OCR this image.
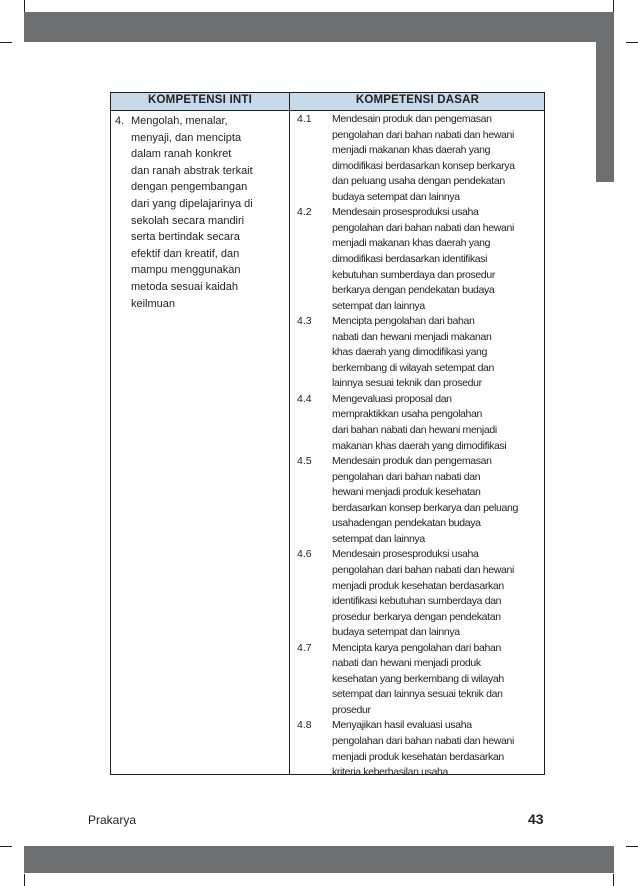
KOMPETENSI INTI	KOMPETENSI DASAR
4. Mengolah, menalar,
menyaji, dan mencipta
dalam ranah konkret
dan ranah abstrak terkait
dengan pengembangan
dari yang dipelajarinya di
sekolah secara mandiri
serta bertindak secara
efektif dan kreatif, dan
mampu menggunakan
metoda sesuai kaidah
keilmuan
4.1 Mendesain produk dan pengemasan
pengolahan dari bahan nabati dan hewani
menjadi makanan khas daerah yang
dimodifikasi berdasarkan konsep berkarya
dan peluang usaha dengan pendekatan
budaya setempat dan lainnya
4.2 Mendesain prosesproduksi usaha
pengolahan dari bahan nabati dan hewani
menjadi makanan khas daerah yang
dimodifikasi berdasarkan identifikasi
kebutuhan sumberdaya dan prosedur
berkarya dengan pendekatan budaya
setempat dan lainnya
4.3 Mencipta pengolahan dari bahan
nabati dan hewani menjadi makanan
khas daerah yang dimodifikasi yang
berkembang di wilayah setempat dan
lainnya sesuai teknik dan prosedur
4.4 Mengevaluasi proposal dan
mempraktikkan usaha pengolahan
dari bahan nabati dan hewani menjadi
makanan khas daerah yang dimodifikasi
4.5 Mendesain produk dan pengemasan
pengolahan dari bahan nabati dan
hewani menjadi produk kesehatan
berdasarkan konsep berkarya dan peluang
usahadengan pendekatan budaya
setempat dan lainnya
4.6 Mendesain prosesproduksi usaha
pengolahan dari bahan nabati dan hewani
menjadi produk kesehatan berdasarkan
identifikasi kebutuhan sumberdaya dan
prosedur berkarya dengan pendekatan
budaya setempat dan lainnya
4.7 Mencipta karya pengolahan dari bahan
nabati dan hewani menjadi produk
kesehatan yang berkembang di wilayah
setempat dan lainnya sesuai teknik dan
prosedur
4.8 Menyajikan hasil evaluasi usaha
pengolahan dari bahan nabati dan hewani
menjadi produk kesehatan berdasarkan
kriteria keberhasilan usaha
Prakarya	43
